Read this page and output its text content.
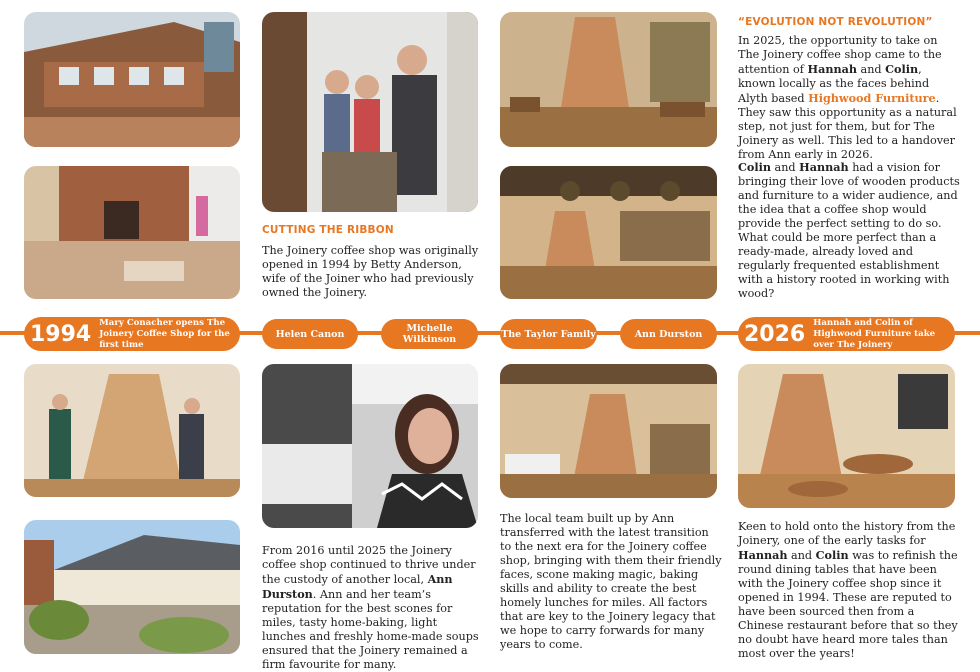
CUTTING THE RIBBON
The Joinery coffee shop was originally opened in 1994 by Betty Anderson, wife of the Joiner who had previously owned the Joinery.
“EVOLUTION NOT REVOLUTION”
In 2025, the opportunity to take on The Joinery coffee shop came to the attention of Hannah and Colin, known locally as the faces behind Alyth based Highwood Furniture. They saw this opportunity as a natural step, not just for them, but for The Joinery as well. This led to a handover from Ann early in 2026.
Colin and Hannah had a vision for bringing their love of wooden products and furniture to a wider audience, and the idea that a coffee shop would provide the perfect setting to do so. What could be more perfect than a ready-made, already loved and regularly frequented establishment with a history rooted in working with wood?
1994 Mary Conacher opens The Joinery Coffee Shop for the first time
Helen Canon	Michelle Wilkinson	The Taylor Family	Ann Durston	2026 Hannah and Colin of Highwood Furniture take over The Joinery
From 2016 until 2025 the Joinery coffee shop continued to thrive under the custody of another local, Ann Durston. Ann and her team’s reputation for the best scones for miles, tasty home-baking, light lunches and freshly home-made soups ensured that the Joinery remained a firm favourite for many.
The local team built up by Ann transferred with the latest transition to the next era for the Joinery coffee shop, bringing with them their friendly faces, scone making magic, baking skills and ability to create the best homely lunches for miles. All factors that are key to the Joinery legacy that we hope to carry forwards for many years to come.
Keen to hold onto the history from the Joinery, one of the early tasks for Hannah and Colin was to refinish the round dining tables that have been with the Joinery coffee shop since it opened in 1994. These are reputed to have been sourced then from a Chinese restaurant before that so they no doubt have heard more tales than most over the years!
